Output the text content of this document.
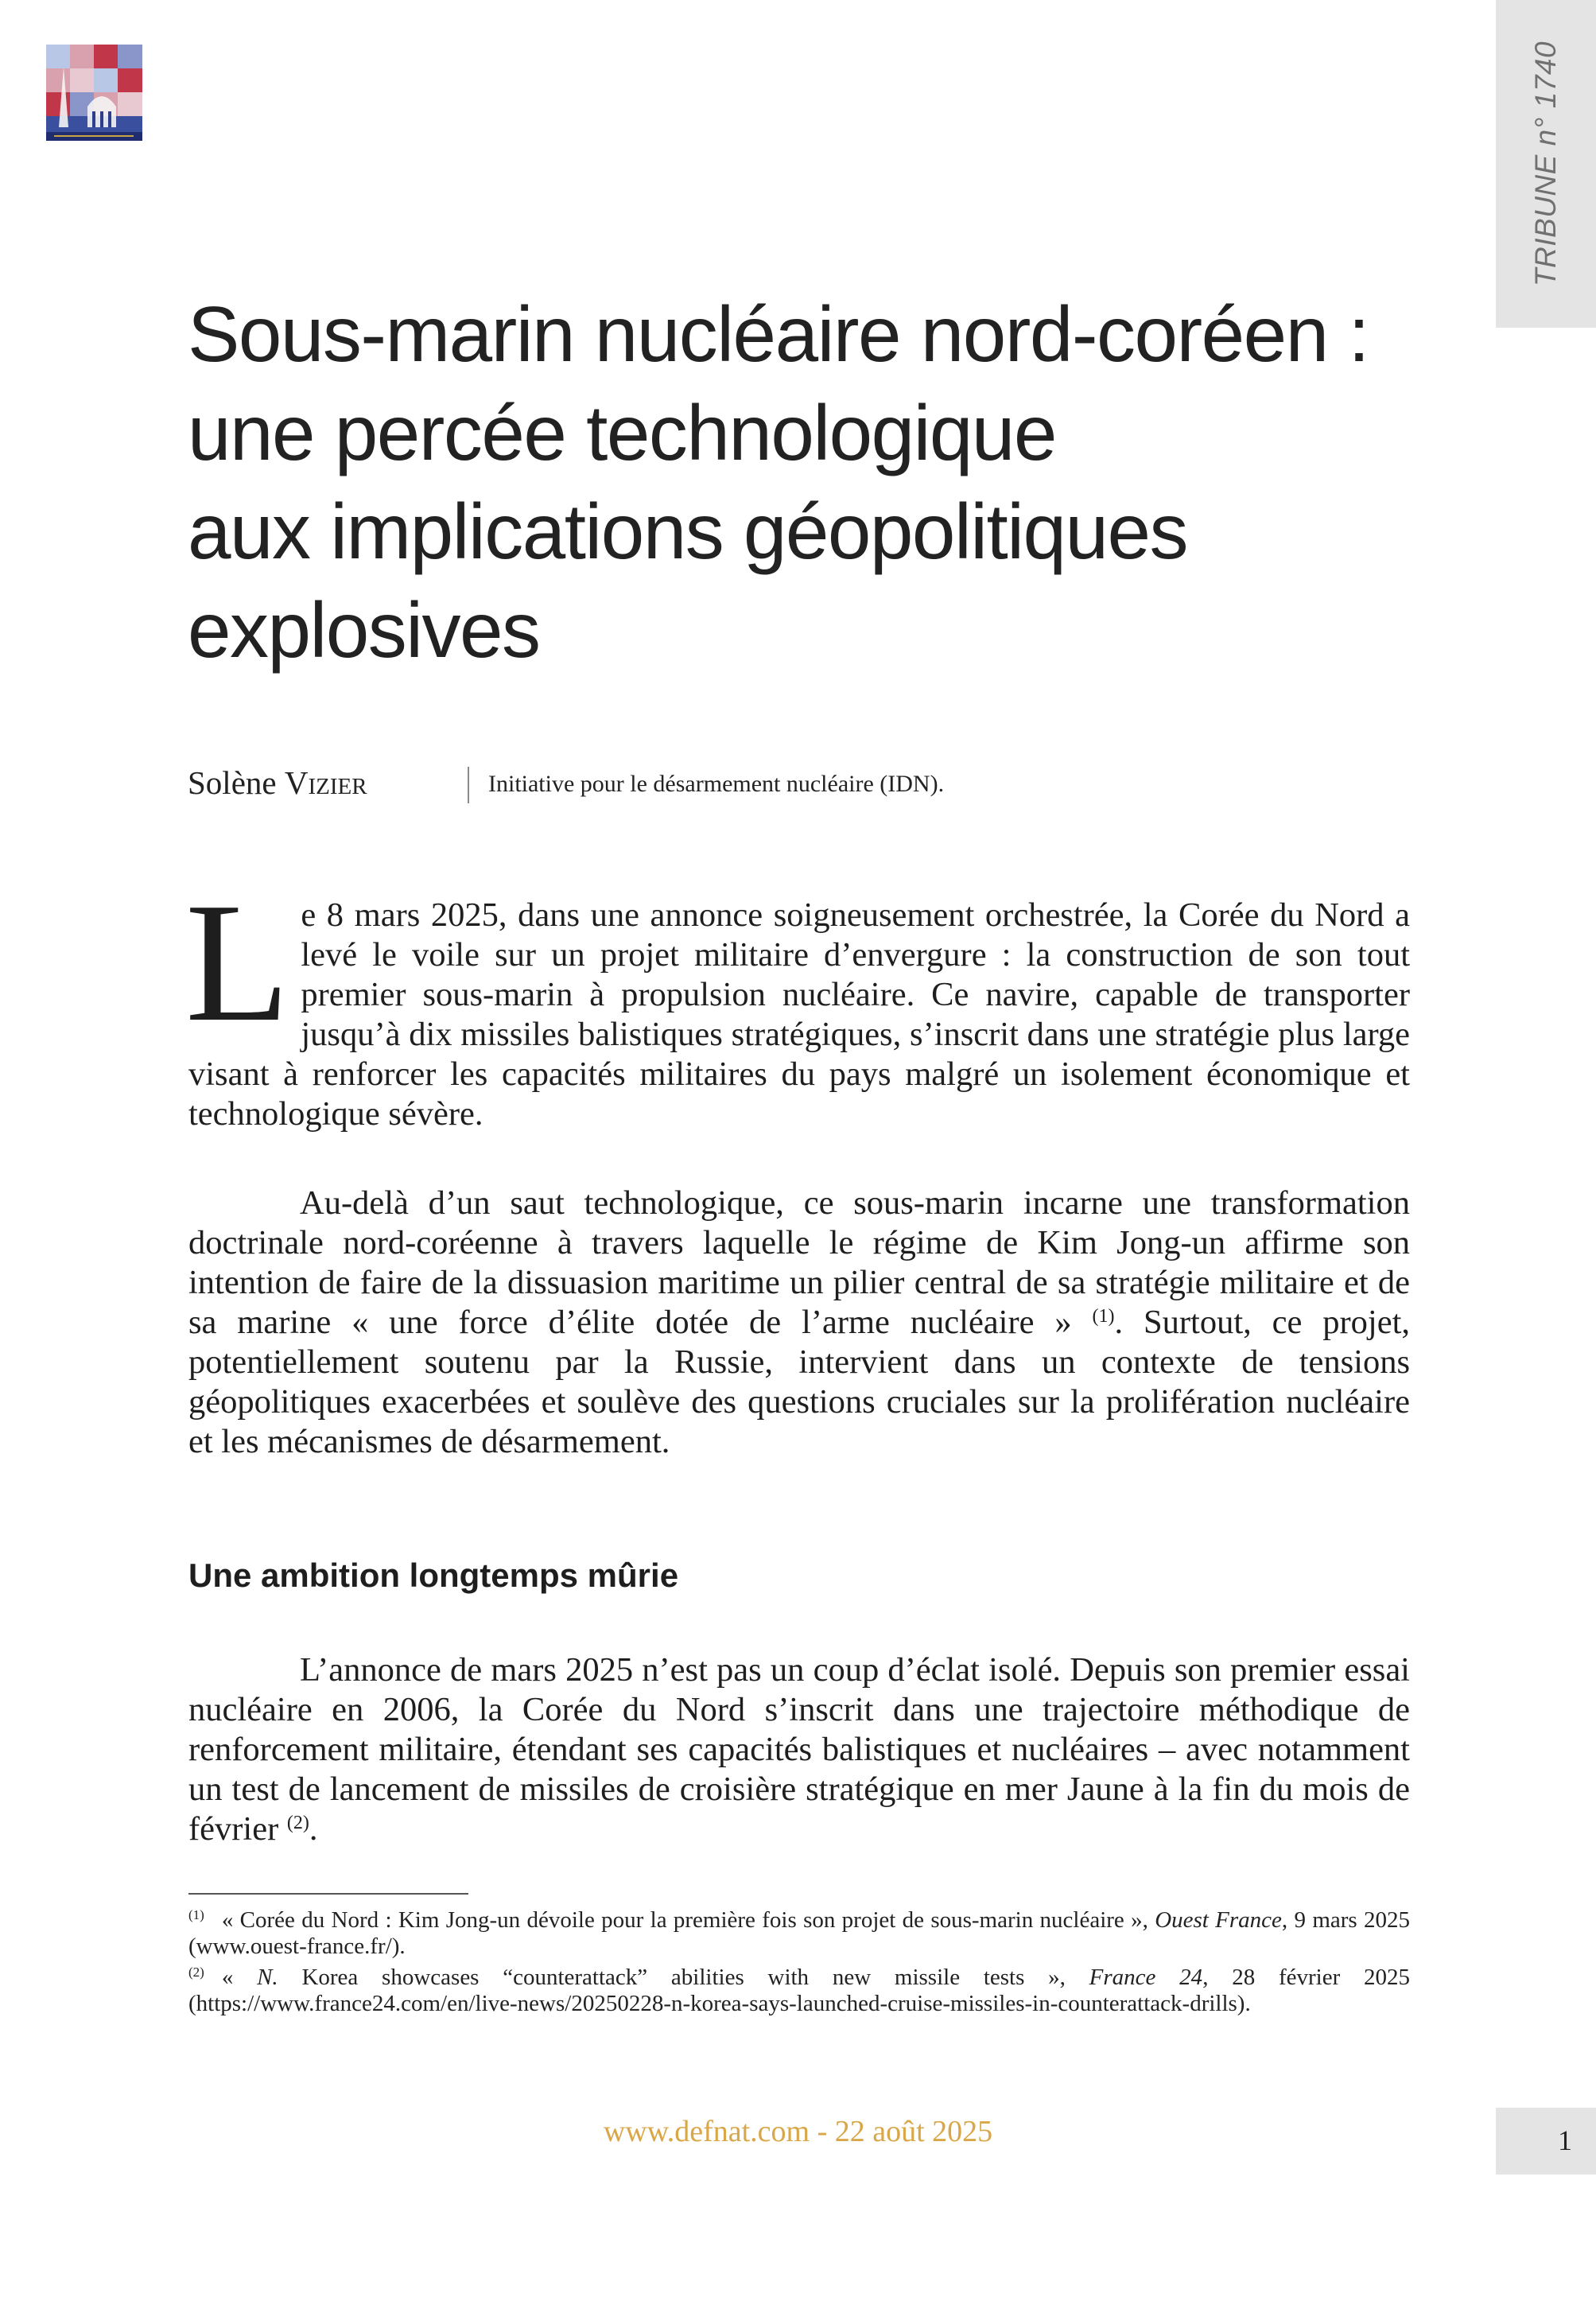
TRIBUNE n° 1740
Sous-marin nucléaire nord-coréen :
une percée technologique
aux implications géopolitiques
explosives
Solène Vizier	Initiative pour le désarmement nucléaire (IDN).

Le 8 mars 2025, dans une annonce soigneusement orchestrée, la Corée du Nord a levé le voile sur un projet militaire d’envergure : la construction de son tout premier sous-marin à propulsion nucléaire. Ce navire, capable de transporter jusqu’à dix missiles balistiques stratégiques, s’inscrit dans une stratégie plus large visant à renforcer les capacités militaires du pays malgré un isolement économique et technologique sévère.

Au-delà d’un saut technologique, ce sous-marin incarne une transformation doctrinale nord-coréenne à travers laquelle le régime de Kim Jong-un affirme son intention de faire de la dissuasion maritime un pilier central de sa stratégie militaire et de sa marine « une force d’élite dotée de l’arme nucléaire » $^{(1)}$. Surtout, ce projet, potentiellement soutenu par la Russie, intervient dans un contexte de tensions géopolitiques exacerbées et soulève des questions cruciales sur la prolifération nucléaire et les mécanismes de désarmement.

Une ambition longtemps mûrie

L’annonce de mars 2025 n’est pas un coup d’éclat isolé. Depuis son premier essai nucléaire en 2006, la Corée du Nord s’inscrit dans une trajectoire méthodique de renforcement militaire, étendant ses capacités balistiques et nucléaires – avec notamment un test de lancement de missiles de croisière stratégique en mer Jaune à la fin du mois de février $^{(2)}$.

$^{(1)}$ « Corée du Nord : Kim Jong-un dévoile pour la première fois son projet de sous-marin nucléaire », Ouest France, 9 mars 2025 (www.ouest-france.fr/).

$^{(2)}$ « N. Korea showcases “counterattack” abilities with new missile tests », France 24, 28 février 2025 (https://www.france24.com/en/live-news/20250228-n-korea-says-launched-cruise-missiles-in-counterattack-drills).

www.defnat.com - 22 août 2025	1
